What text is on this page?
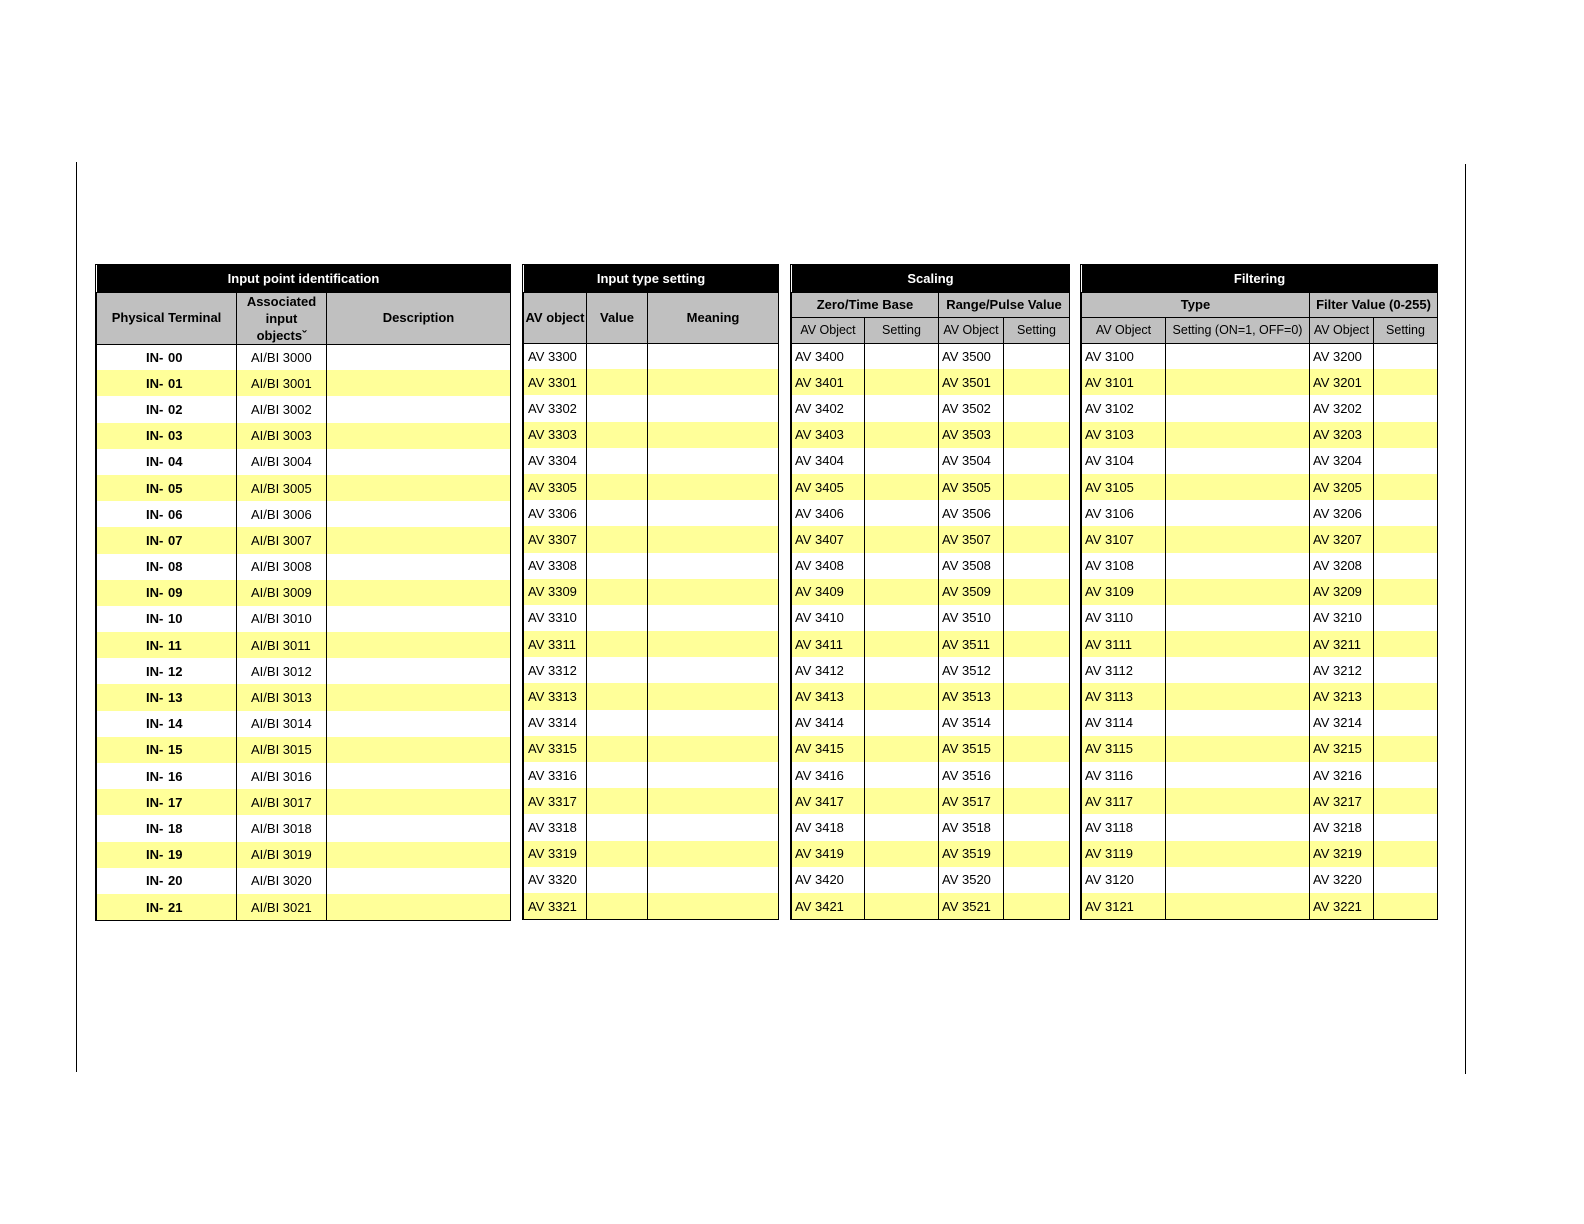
Input point identification		
Physical Terminal	Associated
input
objectsˇ	Description
IN- 00	AI/BI 3000	
IN- 01	AI/BI 3001	
IN- 02	AI/BI 3002	
IN- 03	AI/BI 3003	
IN- 04	AI/BI 3004	
IN- 05	AI/BI 3005	
IN- 06	AI/BI 3006	
IN- 07	AI/BI 3007	
IN- 08	AI/BI 3008	
IN- 09	AI/BI 3009	
IN- 10	AI/BI 3010	
IN- 11	AI/BI 3011	
IN- 12	AI/BI 3012	
IN- 13	AI/BI 3013	
IN- 14	AI/BI 3014	
IN- 15	AI/BI 3015	
IN- 16	AI/BI 3016	
IN- 17	AI/BI 3017	
IN- 18	AI/BI 3018	
IN- 19	AI/BI 3019	
IN- 20	AI/BI 3020	
IN- 21	AI/BI 3021	
Input type setting		
AV object	Value	Meaning
AV 3300		
AV 3301		
AV 3302		
AV 3303		
AV 3304		
AV 3305		
AV 3306		
AV 3307		
AV 3308		
AV 3309		
AV 3310		
AV 3311		
AV 3312		
AV 3313		
AV 3314		
AV 3315		
AV 3316		
AV 3317		
AV 3318		
AV 3319		
AV 3320		
AV 3321		
Scaling			
Zero/Time Base		Range/Pulse Value	
AV Object	Setting	AV Object	Setting
AV 3400		AV 3500	
AV 3401		AV 3501	
AV 3402		AV 3502	
AV 3403		AV 3503	
AV 3404		AV 3504	
AV 3405		AV 3505	
AV 3406		AV 3506	
AV 3407		AV 3507	
AV 3408		AV 3508	
AV 3409		AV 3509	
AV 3410		AV 3510	
AV 3411		AV 3511	
AV 3412		AV 3512	
AV 3413		AV 3513	
AV 3414		AV 3514	
AV 3415		AV 3515	
AV 3416		AV 3516	
AV 3417		AV 3517	
AV 3418		AV 3518	
AV 3419		AV 3519	
AV 3420		AV 3520	
AV 3421		AV 3521	
Filtering			
Type		Filter Value (0-255)	
AV Object	Setting (ON=1, OFF=0)	AV Object	Setting
AV 3100		AV 3200	
AV 3101		AV 3201	
AV 3102		AV 3202	
AV 3103		AV 3203	
AV 3104		AV 3204	
AV 3105		AV 3205	
AV 3106		AV 3206	
AV 3107		AV 3207	
AV 3108		AV 3208	
AV 3109		AV 3209	
AV 3110		AV 3210	
AV 3111		AV 3211	
AV 3112		AV 3212	
AV 3113		AV 3213	
AV 3114		AV 3214	
AV 3115		AV 3215	
AV 3116		AV 3216	
AV 3117		AV 3217	
AV 3118		AV 3218	
AV 3119		AV 3219	
AV 3120		AV 3220	
AV 3121		AV 3221	
